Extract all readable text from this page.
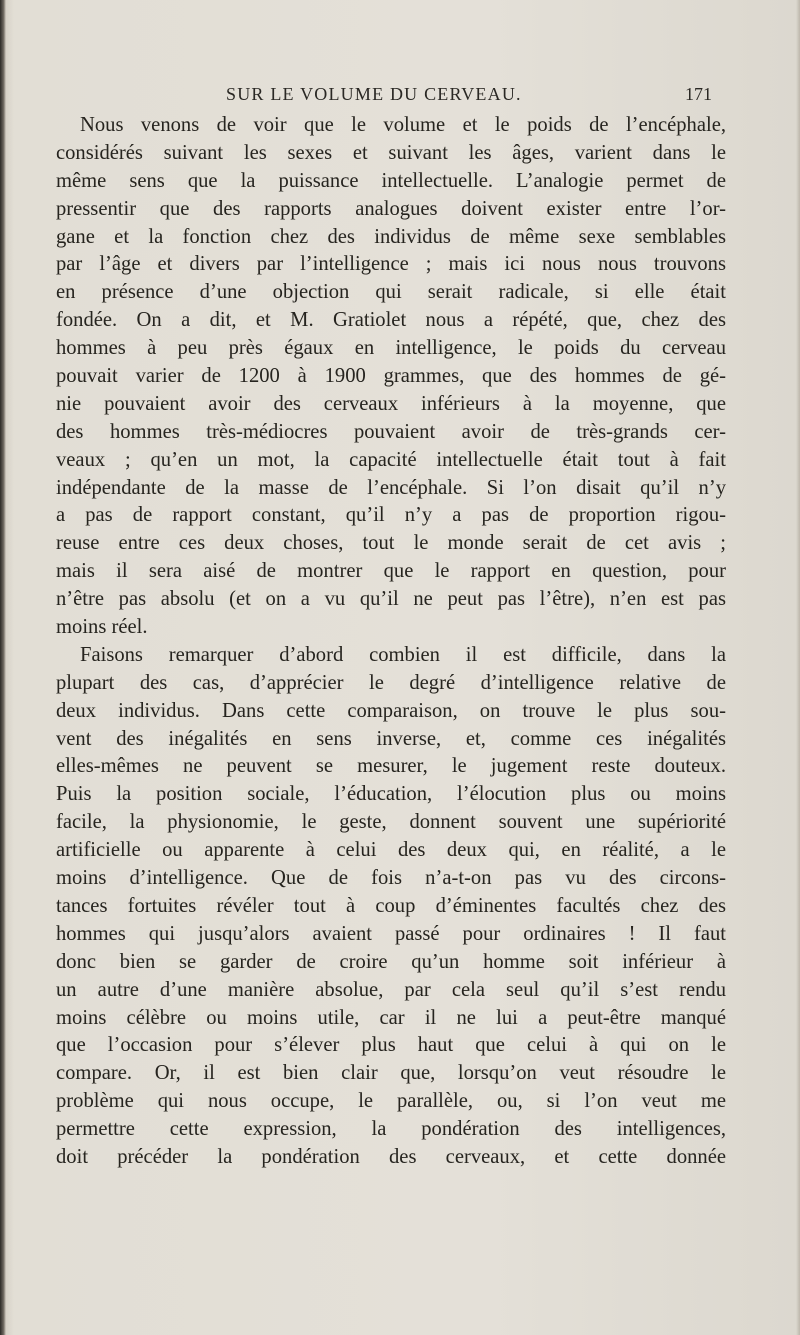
SUR LE VOLUME DU CERVEAU.	171
Nous venons de voir que le volume et le poids de l’encéphale,
considérés suivant les sexes et suivant les âges, varient dans le
même sens que la puissance intellectuelle. L’analogie permet de
pressentir que des rapports analogues doivent exister entre l’or-
gane et la fonction chez des individus de même sexe semblables
par l’âge et divers par l’intelligence ; mais ici nous nous trouvons
en présence d’une objection qui serait radicale, si elle était
fondée. On a dit, et M. Gratiolet nous a répété, que, chez des
hommes à peu près égaux en intelligence, le poids du cerveau
pouvait varier de 1200 à 1900 grammes, que des hommes de gé-
nie pouvaient avoir des cerveaux inférieurs à la moyenne, que
des hommes très-médiocres pouvaient avoir de très-grands cer-
veaux ; qu’en un mot, la capacité intellectuelle était tout à fait
indépendante de la masse de l’encéphale. Si l’on disait qu’il n’y
a pas de rapport constant, qu’il n’y a pas de proportion rigou-
reuse entre ces deux choses, tout le monde serait de cet avis ;
mais il sera aisé de montrer que le rapport en question, pour
n’être pas absolu (et on a vu qu’il ne peut pas l’être), n’en est pas
moins réel.
Faisons remarquer d’abord combien il est difficile, dans la
plupart des cas, d’apprécier le degré d’intelligence relative de
deux individus. Dans cette comparaison, on trouve le plus sou-
vent des inégalités en sens inverse, et, comme ces inégalités
elles-mêmes ne peuvent se mesurer, le jugement reste douteux.
Puis la position sociale, l’éducation, l’élocution plus ou moins
facile, la physionomie, le geste, donnent souvent une supériorité
artificielle ou apparente à celui des deux qui, en réalité, a le
moins d’intelligence. Que de fois n’a-t-on pas vu des circons-
tances fortuites révéler tout à coup d’éminentes facultés chez des
hommes qui jusqu’alors avaient passé pour ordinaires ! Il faut
donc bien se garder de croire qu’un homme soit inférieur à
un autre d’une manière absolue, par cela seul qu’il s’est rendu
moins célèbre ou moins utile, car il ne lui a peut-être manqué
que l’occasion pour s’élever plus haut que celui à qui on le
compare. Or, il est bien clair que, lorsqu’on veut résoudre le
problème qui nous occupe, le parallèle, ou, si l’on veut me
permettre cette expression, la pondération des intelligences,
doit précéder la pondération des cerveaux, et cette donnée
